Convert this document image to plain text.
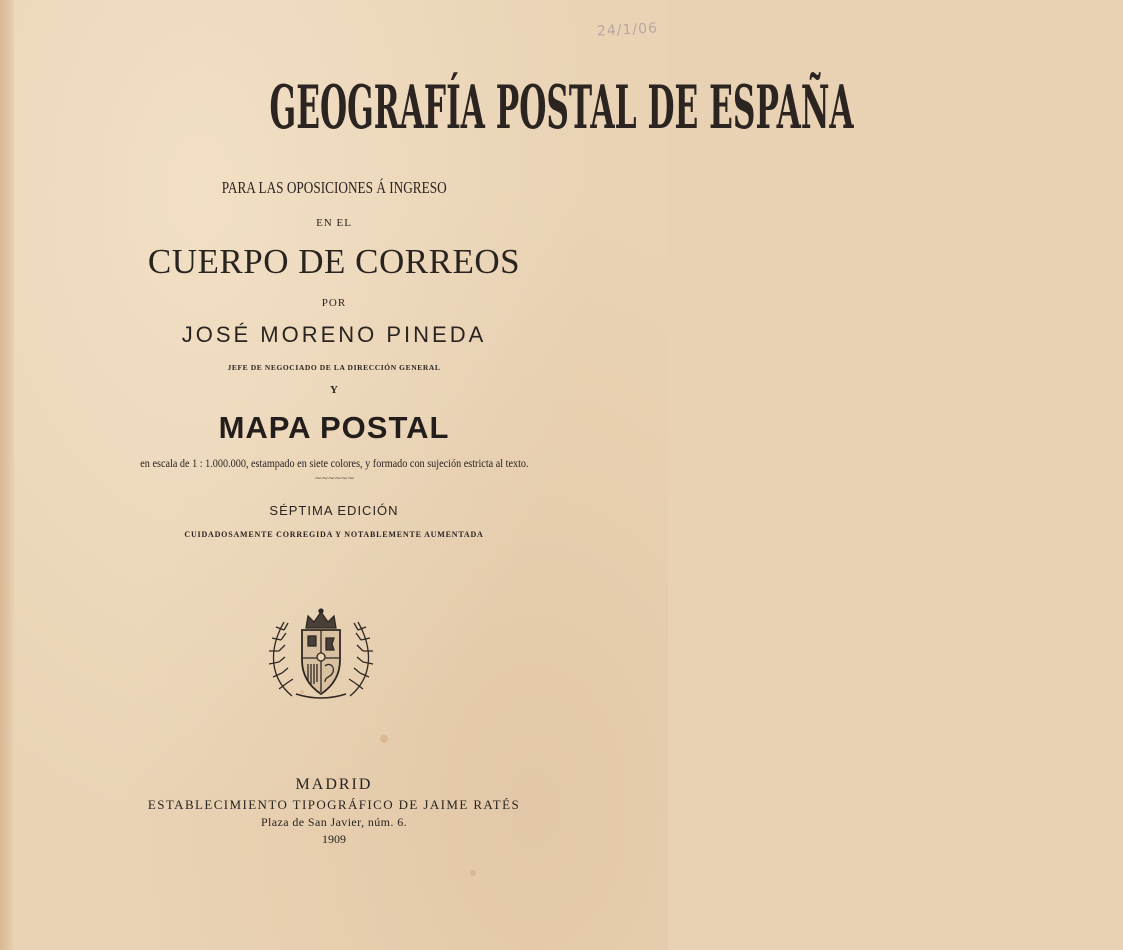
24/1/06
GEOGRAFÍA POSTAL DE ESPAÑA
PARA LAS OPOSICIONES Á INGRESO
EN EL
CUERPO DE CORREOS
POR
JOSÉ MORENO PINEDA
JEFE DE NEGOCIADO DE LA DIRECCIÓN GENERAL
Y
MAPA POSTAL
en escala de 1 : 1.000.000, estampado en siete colores, y formado con sujeción estricta al texto.
~~~~~~
SÉPTIMA EDICIÓN
CUIDADOSAMENTE CORREGIDA Y NOTABLEMENTE AUMENTADA
MADRID
ESTABLECIMIENTO TIPOGRÁFICO DE JAIME RATÉS
Plaza de San Javier, núm. 6.
1909
